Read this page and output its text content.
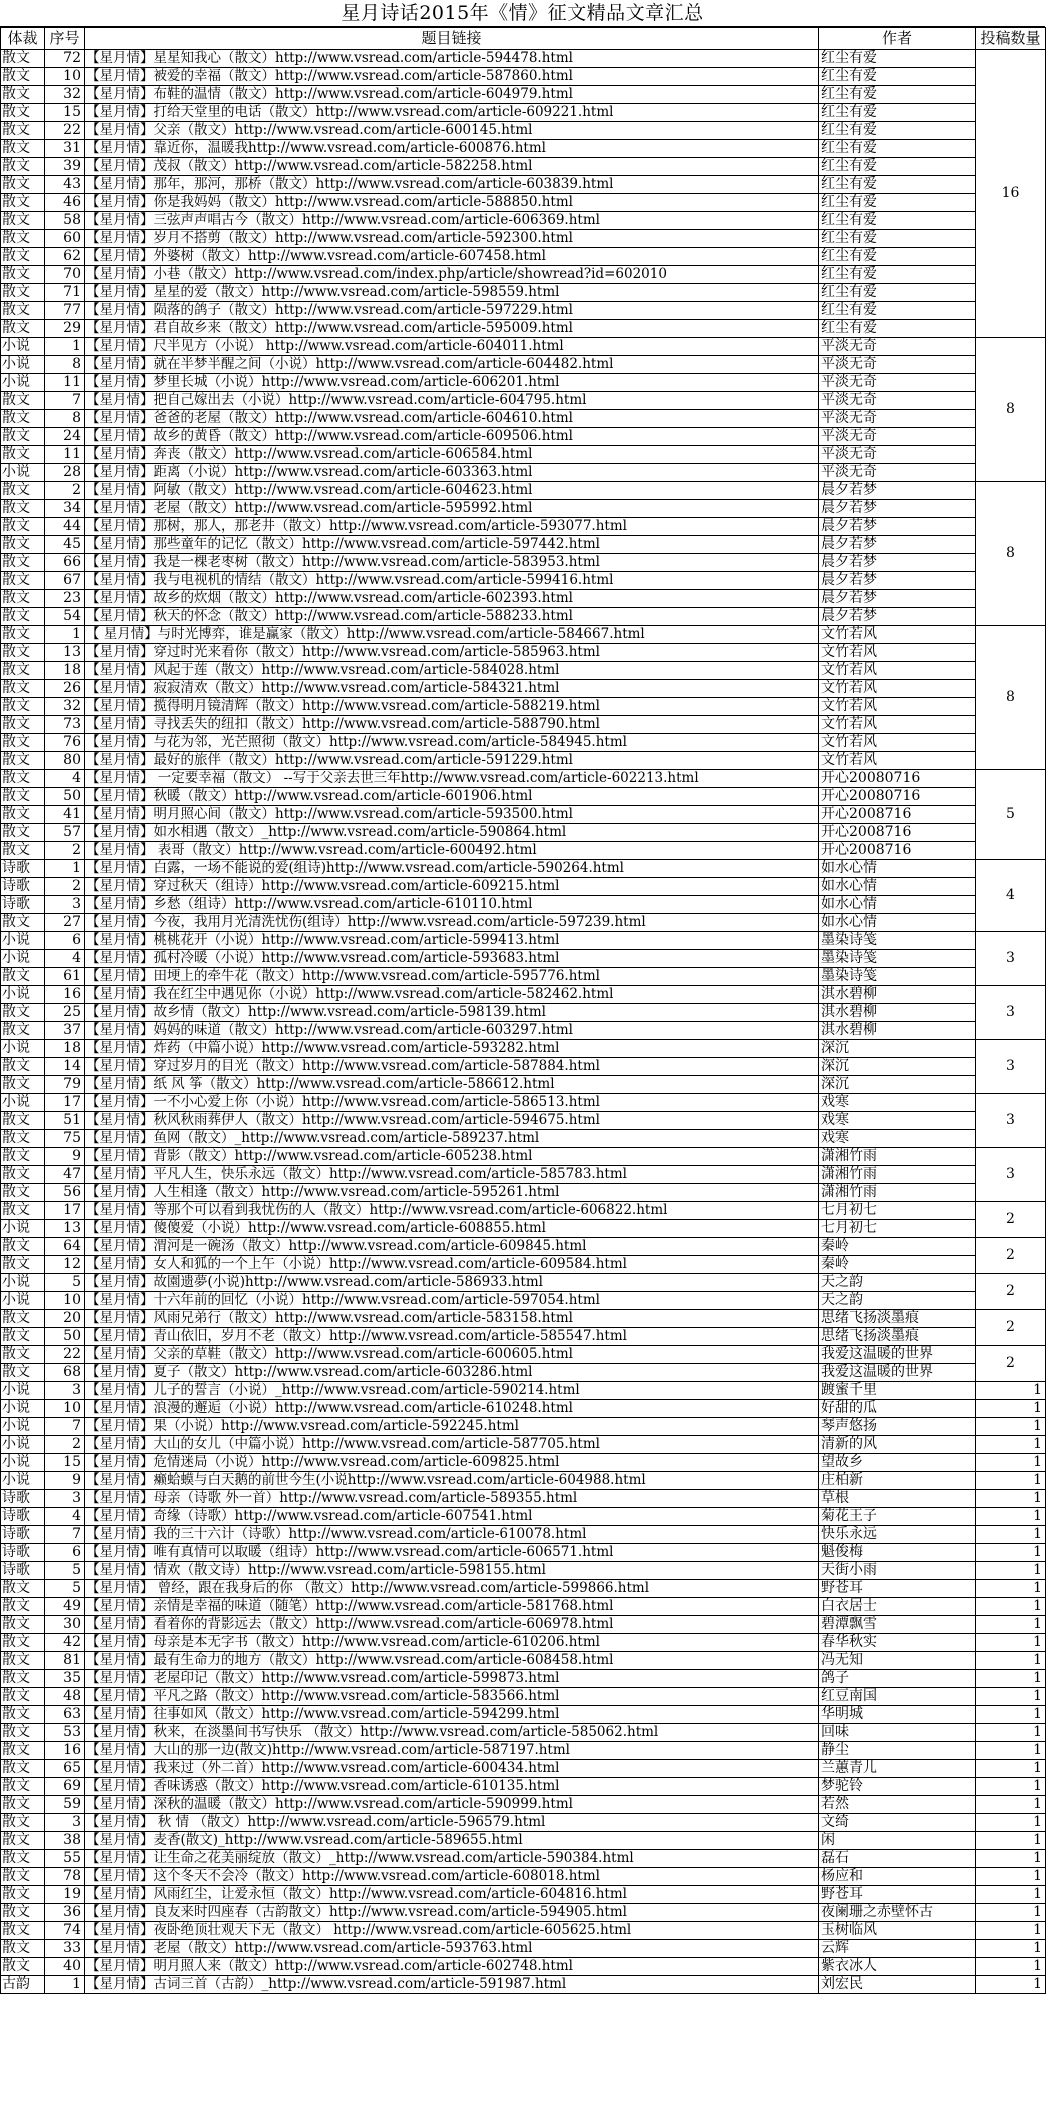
星月诗话2015年《情》征文精品文章汇总
体裁	序号	题目链接	作者	投稿数量
散文	72	【星月情】星星知我心（散文）http://www.vsread.com/article-594478.html	红尘有爱	16
散文	10	【星月情】被爱的幸福（散文）http://www.vsread.com/article-587860.html	红尘有爱	
散文	32	【星月情】布鞋的温情（散文）http://www.vsread.com/article-604979.html	红尘有爱	
散文	15	【星月情】打给天堂里的电话（散文）http://www.vsread.com/article-609221.html	红尘有爱	
散文	22	【星月情】父亲（散文）http://www.vsread.com/article-600145.html	红尘有爱	
散文	31	【星月情】靠近你，温暖我http://www.vsread.com/article-600876.html	红尘有爱	
散文	39	【星月情】茂叔（散文）http://www.vsread.com/article-582258.html	红尘有爱	
散文	43	【星月情】那年，那河，那桥（散文）http://www.vsread.com/article-603839.html	红尘有爱	
散文	46	【星月情】你是我妈妈（散文）http://www.vsread.com/article-588850.html	红尘有爱	
散文	58	【星月情】三弦声声唱古今（散文）http://www.vsread.com/article-606369.html	红尘有爱	
散文	60	【星月情】岁月不搭剪（散文）http://www.vsread.com/article-592300.html	红尘有爱	
散文	62	【星月情】外婆树（散文）http://www.vsread.com/article-607458.html	红尘有爱	
散文	70	【星月情】小巷（散文）http://www.vsread.com/index.php/article/showread?id=602010	红尘有爱	
散文	71	【星月情】星星的爱（散文）http://www.vsread.com/article-598559.html	红尘有爱	
散文	77	【星月情】陨落的鸽子（散文）http://www.vsread.com/article-597229.html	红尘有爱	
散文	29	【星月情】君自故乡来（散文）http://www.vsread.com/article-595009.html	红尘有爱	
小说	1	【星月情】尺半见方（小说） http://www.vsread.com/article-604011.html	平淡无奇	8
小说	8	【星月情】就在半梦半醒之间（小说）http://www.vsread.com/article-604482.html	平淡无奇	
小说	11	【星月情】梦里长城（小说）http://www.vsread.com/article-606201.html	平淡无奇	
散文	7	【星月情】把自己嫁出去（小说）http://www.vsread.com/article-604795.html	平淡无奇	
散文	8	【星月情】爸爸的老屋（散文）http://www.vsread.com/article-604610.html	平淡无奇	
散文	24	【星月情】故乡的黄昏（散文）http://www.vsread.com/article-609506.html	平淡无奇	
散文	11	【星月情】奔丧（散文）http://www.vsread.com/article-606584.html	平淡无奇	
小说	28	【星月情】距离（小说）http://www.vsread.com/article-603363.html	平淡无奇	
散文	2	【星月情】阿敏（散文）http://www.vsread.com/article-604623.html	晨夕若梦	8
散文	34	【星月情】老屋（散文）http://www.vsread.com/article-595992.html	晨夕若梦	
散文	44	【星月情】那树，那人，那老井（散文）http://www.vsread.com/article-593077.html	晨夕若梦	
散文	45	【星月情】那些童年的记忆（散文）http://www.vsread.com/article-597442.html	晨夕若梦	
散文	66	【星月情】我是一棵老枣树（散文）http://www.vsread.com/article-583953.html	晨夕若梦	
散文	67	【星月情】我与电视机的情结（散文）http://www.vsread.com/article-599416.html	晨夕若梦	
散文	23	【星月情】故乡的炊烟（散文）http://www.vsread.com/article-602393.html	晨夕若梦	
散文	54	【星月情】秋天的怀念（散文）http://www.vsread.com/article-588233.html	晨夕若梦	
散文	1	【 星月情】与时光博弈，谁是赢家（散文）http://www.vsread.com/article-584667.html	文竹若风	8
散文	13	【星月情】穿过时光来看你（散文）http://www.vsread.com/article-585963.html	文竹若风	
散文	18	【星月情】风起于莲（散文）http://www.vsread.com/article-584028.html	文竹若风	
散文	26	【星月情】寂寂清欢（散文）http://www.vsread.com/article-584321.html	文竹若风	
散文	32	【星月情】揽得明月镜清辉（散文）http://www.vsread.com/article-588219.html	文竹若风	
散文	73	【星月情】寻找丢失的纽扣（散文）http://www.vsread.com/article-588790.html	文竹若风	
散文	76	【星月情】与花为邻，光芒照彻（散文）http://www.vsread.com/article-584945.html	文竹若风	
散文	80	【星月情】最好的旅伴（散文）http://www.vsread.com/article-591229.html	文竹若风	
散文	4	【星月情】 一定要幸福（散文） --写于父亲去世三年http://www.vsread.com/article-602213.html	开心20080716	5
散文	50	【星月情】秋暖（散文）http://www.vsread.com/article-601906.html	开心20080716	
散文	41	【星月情】明月照心间（散文）http://www.vsread.com/article-593500.html	开心2008716	
散文	57	【星月情】如水相遇（散文）_http://www.vsread.com/article-590864.html	开心2008716	
散文	2	【星月情】 表哥（散文）http://www.vsread.com/article-600492.html	开心2008716	
诗歌	1	【星月情】白露，一场不能说的爱(组诗)http://www.vsread.com/article-590264.html	如水心情	4
诗歌	2	【星月情】穿过秋天（组诗）http://www.vsread.com/article-609215.html	如水心情	
诗歌	3	【星月情】乡愁（组诗）http://www.vsread.com/article-610110.html	如水心情	
散文	27	【星月情】今夜，我用月光清洗忧伤(组诗）http://www.vsread.com/article-597239.html	如水心情	
小说	6	【星月情】桃桃花开（小说）http://www.vsread.com/article-599413.html	墨染诗笺	3
小说	4	【星月情】孤村冷暖（小说）http://www.vsread.com/article-593683.html	墨染诗笺	
散文	61	【星月情】田埂上的牵牛花（散文）http://www.vsread.com/article-595776.html	墨染诗笺	
小说	16	【星月情】我在红尘中遇见你（小说）http://www.vsread.com/article-582462.html	淇水碧柳	3
散文	25	【星月情】故乡情（散文）http://www.vsread.com/article-598139.html	淇水碧柳	
散文	37	【星月情】妈妈的味道（散文）http://www.vsread.com/article-603297.html	淇水碧柳	
小说	18	【星月情】炸药（中篇小说）http://www.vsread.com/article-593282.html	深沉	3
散文	14	【星月情】穿过岁月的目光（散文）http://www.vsread.com/article-587884.html	深沉	
散文	79	【星月情】纸 风 筝（散文）http://www.vsread.com/article-586612.html	深沉	
小说	17	【星月情】一不小心爱上你（小说）http://www.vsread.com/article-586513.html	戏寒	3
散文	51	【星月情】秋风秋雨葬伊人（散文）http://www.vsread.com/article-594675.html	戏寒	
散文	75	【星月情】鱼网（散文）_http://www.vsread.com/article-589237.html	戏寒	
散文	9	【星月情】背影（散文）http://www.vsread.com/article-605238.html	潇湘竹雨	3
散文	47	【星月情】平凡人生，快乐永远（散文）http://www.vsread.com/article-585783.html	潇湘竹雨	
散文	56	【星月情】人生相逢（散文）http://www.vsread.com/article-595261.html	潇湘竹雨	
散文	17	【星月情】等那个可以看到我忧伤的人（散文）http://www.vsread.com/article-606822.html	七月初七	2
小说	13	【星月情】傻傻爱（小说）http://www.vsread.com/article-608855.html	七月初七	
散文	64	【星月情】渭河是一碗汤（散文）http://www.vsread.com/article-609845.html	秦岭	2
散文	12	【星月情】女人和狐的一个上午（小说）http://www.vsread.com/article-609584.html	秦岭	
小说	5	【星月情】故園遗夢(小说)http://www.vsread.com/article-586933.html	天之韵	2
小说	10	【星月情】十六年前的回忆（小说）http://www.vsread.com/article-597054.html	天之韵	
散文	20	【星月情】风雨兄弟行（散文）http://www.vsread.com/article-583158.html	思绪飞扬淡墨痕	2
散文	50	【星月情】青山依旧，岁月不老（散文）http://www.vsread.com/article-585547.html	思绪飞扬淡墨痕	
散文	22	【星月情】父亲的草鞋（散文）http://www.vsread.com/article-600605.html	我爱这温暖的世界	2
散文	68	【星月情】夏子（散文）http://www.vsread.com/article-603286.html	我爱这温暖的世界	
小说	3	【星月情】儿子的誓言（小说）_http://www.vsread.com/article-590214.html	踱蜜千里	1
小说	10	【星月情】浪漫的邂逅（小说）http://www.vsread.com/article-610248.html	好甜的瓜	1
小说	7	【星月情】果（小说）http://www.vsread.com/article-592245.html	琴声悠扬	1
小说	2	【星月情】大山的女儿（中篇小说）http://www.vsread.com/article-587705.html	清新的风	1
小说	15	【星月情】危情迷局（小说）http://www.vsread.com/article-609825.html	望故乡	1
小说	9	【星月情】癞蛤蟆与白天鹅的前世今生(小说http://www.vsread.com/article-604988.html	庄柏新	1
诗歌	3	【星月情】母亲（诗歌 外一首）http://www.vsread.com/article-589355.html	草根	1
诗歌	4	【星月情】奇缘（诗歌）http://www.vsread.com/article-607541.html	菊花王子	1
诗歌	7	【星月情】我的三十六计（诗歌）http://www.vsread.com/article-610078.html	快乐永远	1
诗歌	6	【星月情】唯有真情可以取暖（组诗）http://www.vsread.com/article-606571.html	魁俊梅	1
诗歌	5	【星月情】情欢（散文诗）http://www.vsread.com/article-598155.html	天街小雨	1
散文	5	【星月情】 曾经，跟在我身后的你 （散文）http://www.vsread.com/article-599866.html	野苍耳	1
散文	49	【星月情】亲情是幸福的味道（随笔）http://www.vsread.com/article-581768.html	白衣居士	1
散文	30	【星月情】看着你的背影远去（散文）http://www.vsread.com/article-606978.html	碧潭飘雪	1
散文	42	【星月情】母亲是本无字书（散文）http://www.vsread.com/article-610206.html	春华秋实	1
散文	81	【星月情】最有生命力的地方（散文）http://www.vsread.com/article-608458.html	冯无知	1
散文	35	【星月情】老屋印记（散文）http://www.vsread.com/article-599873.html	鸽子	1
散文	48	【星月情】平凡之路（散文）http://www.vsread.com/article-583566.html	红豆南国	1
散文	63	【星月情】往事如风（散文）http://www.vsread.com/article-594299.html	华明城	1
散文	53	【星月情】秋来，在淡墨间书写快乐 （散文）http://www.vsread.com/article-585062.html	回味	1
散文	16	【星月情】大山的那一边(散文)http://www.vsread.com/article-587197.html	静尘	1
散文	65	【星月情】我来过（外二首）http://www.vsread.com/article-600434.html	兰蕙青儿	1
散文	69	【星月情】香味诱惑（散文）http://www.vsread.com/article-610135.html	梦驼铃	1
散文	59	【星月情】深秋的温暖（散文）http://www.vsread.com/article-590999.html	若然	1
散文	3	【星月情】 秋 情 （散文）http://www.vsread.com/article-596579.html	文绮	1
散文	38	【星月情】麦香(散文)_http://www.vsread.com/article-589655.html	闲	1
散文	55	【星月情】让生命之花美丽绽放（散文）_http://www.vsread.com/article-590384.html	磊石	1
散文	78	【星月情】这个冬天不会冷（散文）http://www.vsread.com/article-608018.html	杨应和	1
散文	19	【星月情】风雨红尘，让爱永恒（散文）http://www.vsread.com/article-604816.html	野苍耳	1
散文	36	【星月情】良友来时四座春（古韵散文）http://www.vsread.com/article-594905.html	夜阑珊之赤壁怀古	1
散文	74	【星月情】夜卧绝顶壮观天下无（散文） http://www.vsread.com/article-605625.html	玉树临风	1
散文	33	【星月情】老屋（散文）http://www.vsread.com/article-593763.html	云辉	1
散文	40	【星月情】明月照人来（散文）http://www.vsread.com/article-602748.html	紫衣冰人	1
古韵	1	【星月情】古词三首（古韵）_http://www.vsread.com/article-591987.html	刘宏民	1
